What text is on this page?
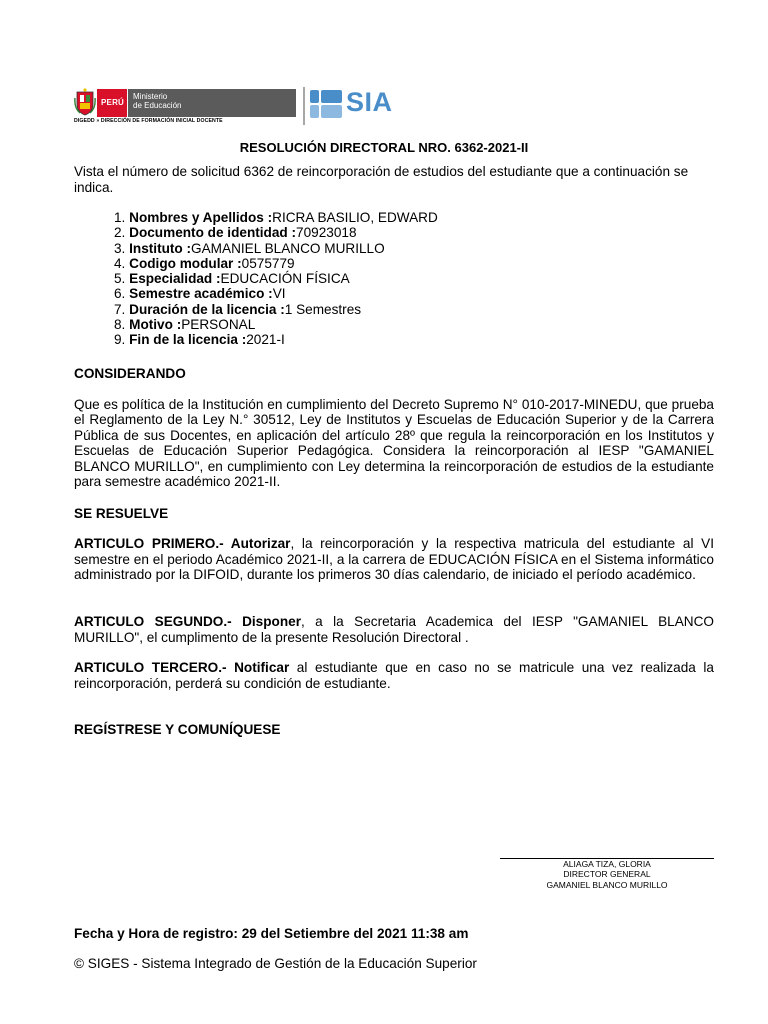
PERÚ
Ministerio
de Educación
DIGEDD » DIRECCIÓN DE FORMACIÓN INICIAL DOCENTE
SIA
RESOLUCIÓN DIRECTORAL NRO. 6362-2021-II
Vista el número de solicitud 6362 de reincorporación de estudios del estudiante que a continuación se indica.
1. Nombres y Apellidos :RICRA BASILIO, EDWARD
2. Documento de identidad :70923018
3. Instituto :GAMANIEL BLANCO MURILLO
4. Codigo modular :0575779
5. Especialidad :EDUCACIÓN FÍSICA
6. Semestre académico :VI
7. Duración de la licencia :1 Semestres
8. Motivo :PERSONAL
9. Fin de la licencia :2021-I
CONSIDERANDO
Que es política de la Institución en cumplimiento del Decreto Supremo N° 010-2017-MINEDU, que prueba el Reglamento de la Ley N.° 30512, Ley de Institutos y Escuelas de Educación Superior y de la Carrera Pública de sus Docentes, en aplicación del artículo 28º que regula la reincorporación en los Institutos y Escuelas de Educación Superior Pedagógica. Considera la reincorporación al IESP "GAMANIEL BLANCO MURILLO", en cumplimiento con Ley determina la reincorporación de estudios de la estudiante para semestre académico 2021-II.
SE RESUELVE
ARTICULO PRIMERO.- Autorizar, la reincorporación y la respectiva matricula del estudiante al VI semestre en el periodo Académico 2021-II, a la carrera de EDUCACIÓN FÍSICA en el Sistema informático administrado por la DIFOID, durante los primeros 30 días calendario, de iniciado el período académico.
ARTICULO SEGUNDO.- Disponer, a la Secretaria Academica del IESP "GAMANIEL BLANCO MURILLO", el cumplimento de la presente Resolución Directoral .
ARTICULO TERCERO.- Notificar al estudiante que en caso no se matricule una vez realizada la reincorporación, perderá su condición de estudiante.
REGÍSTRESE Y COMUNÍQUESE
ALIAGA TIZA, GLORIA
DIRECTOR GENERAL
GAMANIEL BLANCO MURILLO
Fecha y Hora de registro: 29 del Setiembre del 2021 11:38 am
© SIGES - Sistema Integrado de Gestión de la Educación Superior
